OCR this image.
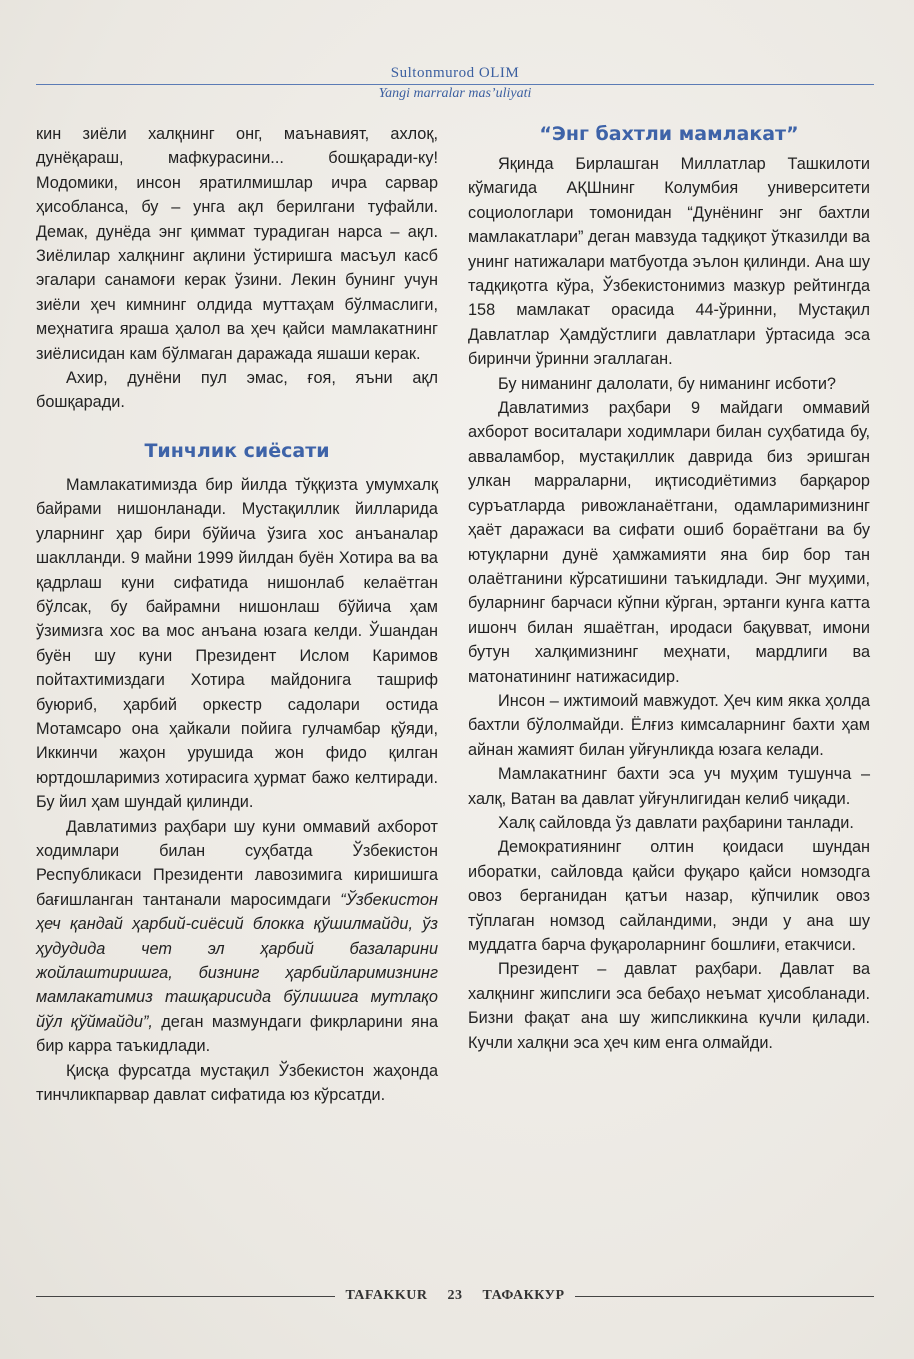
Sultonmurod OLIM
Yangi marralar mas’uliyati

кин зиёли халқнинг онг, маънавият, ахлоқ, дунёқараш, мафкурасини... бошқаради-ку! Модомики, инсон яратилмишлар ичра сарвар ҳисобланса, бу – унга ақл берилгани туфайли. Демак, дунёда энг қиммат турадиган нарса – ақл. Зиёлилар халқнинг ақлини ўстиришга масъул касб эгалари санамоғи керак ўзини. Лекин бунинг учун зиёли ҳеч кимнинг олдида муттаҳам бўлмаслиги, меҳнатига яраша ҳалол ва ҳеч қайси мамлакатнинг зиёлисидан кам бўлмаган даражада яшаши керак.

Ахир, дунёни пул эмас, ғоя, яъни ақл бошқаради.

Тинчлик сиёсати

Мамлакатимизда бир йилда тўққизта умумхалқ байрами нишонланади. Мустақиллик йилларида уларнинг ҳар бири бўйича ўзига хос анъаналар шаклланди. 9 майни 1999 йилдан буён Хотира ва ва қадрлаш куни сифатида нишонлаб келаётган бўлсак, бу байрамни нишонлаш бўйича ҳам ўзимизга хос ва мос анъана юзага келди. Ўшандан буён шу куни Президент Ислом Каримов пойтахтимиздаги Хотира майдонига ташриф буюриб, ҳарбий оркестр садолари остида Мотамсаро она ҳайкали пойига гулчамбар қўяди, Иккинчи жаҳон урушида жон фидо қилган юртдошларимиз хотирасига ҳурмат бажо келтиради. Бу йил ҳам шундай қилинди.

Давлатимиз раҳбари шу куни оммавий ахборот ходимлари билан суҳбатда Ўзбекистон Республикаси Президенти лавозимига киришишга бағишланган тантанали маросимдаги “Ўзбекистон ҳеч қандай ҳарбий-сиёсий блокка қўшилмайди, ўз ҳудудида чет эл ҳарбий базаларини жойлаштиришга, бизнинг ҳарбийларимизнинг мамлакатимиз ташқарисида бўлишига мутлақо йўл қўймайди”, деган мазмундаги фикрларини яна бир карра таъкидлади.

Қисқа фурсатда мустақил Ўзбекистон жаҳонда тинчликпарвар давлат сифатида юз кўрсатди.

“Энг бахтли мамлакат”

Яқинда Бирлашган Миллатлар Ташкилоти кўмагида АҚШнинг Колумбия университети социологлари томонидан “Дунёнинг энг бахтли мамлакатлари” деган мавзуда тадқиқот ўтказилди ва унинг натижалари матбуотда эълон қилинди. Ана шу тадқиқотга кўра, Ўзбекистонимиз мазкур рейтингда 158 мамлакат орасида 44-ўринни, Мустақил Давлатлар Ҳамдўстлиги давлатлари ўртасида эса биринчи ўринни эгаллаган.

Бу ниманинг далолати, бу ниманинг исботи?

Давлатимиз раҳбари 9 майдаги оммавий ахборот воситалари ходимлари билан суҳбатида бу, авваламбор, мустақиллик даврида биз эришган улкан марраларни, иқтисодиётимиз барқарор суръатларда ривожланаётгани, одамларимизнинг ҳаёт даражаси ва сифати ошиб бораётгани ва бу ютуқларни дунё ҳамжамияти яна бир бор тан олаётганини кўрсатишини таъкидлади. Энг муҳими, буларнинг барчаси кўпни кўрган, эртанги кунга катта ишонч билан яшаётган, иродаси бақувват, имони бутун халқимизнинг меҳнати, мардлиги ва матонатининг натижасидир.

Инсон – ижтимоий мавжудот. Ҳеч ким якка ҳолда бахтли бўлолмайди. Ёлғиз кимсаларнинг бахти ҳам айнан жамият билан уйғунликда юзага келади.

Мамлакатнинг бахти эса уч муҳим тушунча – халқ, Ватан ва давлат уйғунлигидан келиб чиқади.

Халқ сайловда ўз давлати раҳбарини танлади.

Демократиянинг олтин қоидаси шундан иборатки, сайловда қайси фуқаро қайси номзодга овоз берганидан қатъи назар, кўпчилик овоз тўплаган номзод сайландими, энди у ана шу муддатга барча фуқароларнинг бошлиғи, етакчиси.

Президент – давлат раҳбари. Давлат ва халқнинг жипслиги эса бебаҳо неъмат ҳисобланади. Бизни фақат ана шу жипсликкина кучли қилади. Кучли халқни эса ҳеч ким енга олмайди.

TAFAKKUR	23	ТАФАККУР
